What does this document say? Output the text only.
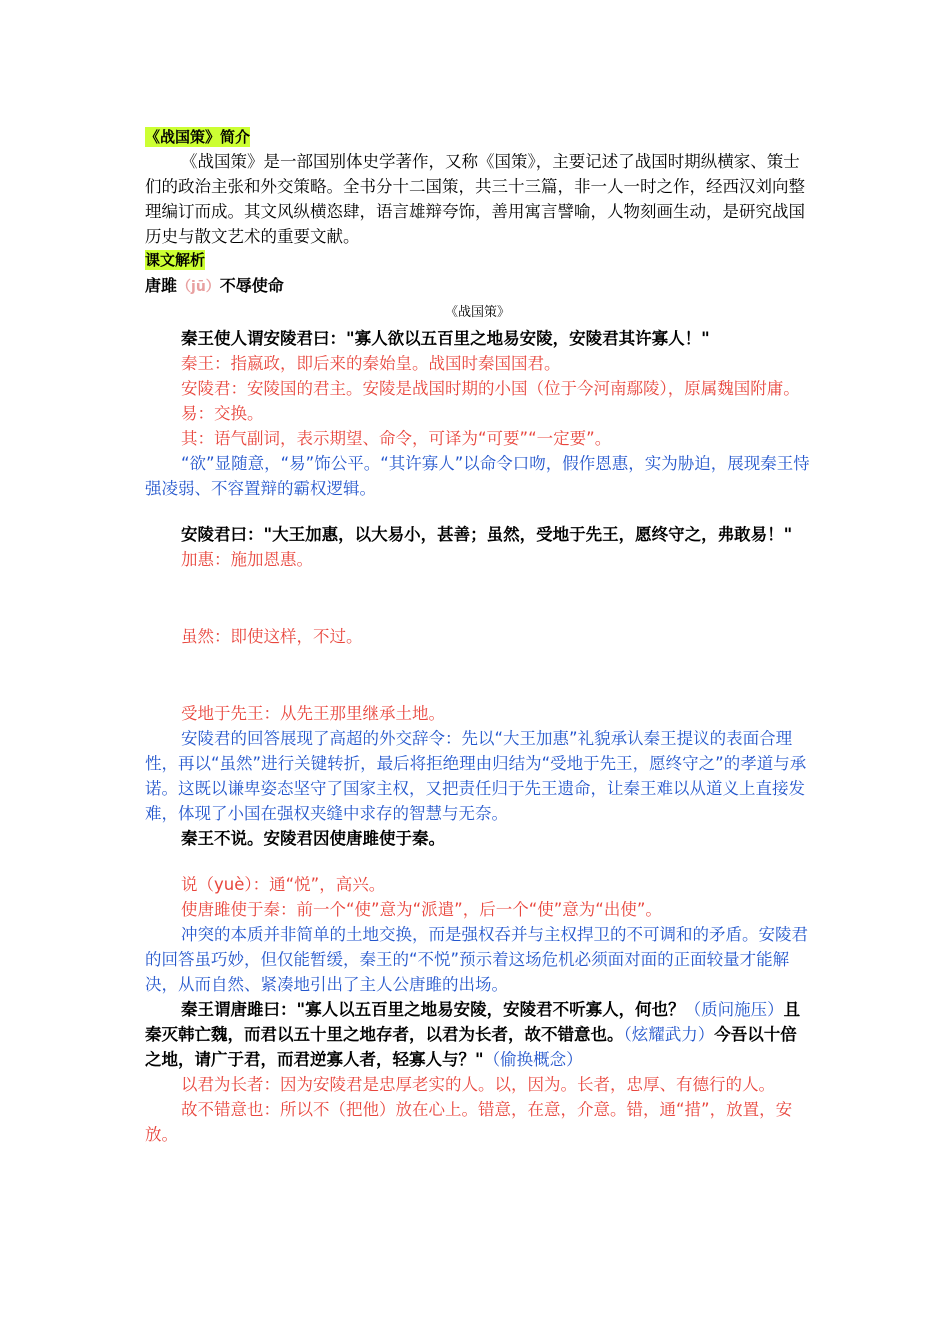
《战国策》简介

《战国策》是一部国别体史学著作，又称《国策》，主要记述了战国时期纵横家、策士们的政治主张和外交策略。全书分十二国策，共三十三篇，非一人一时之作，经西汉刘向整理编订而成。其文风纵横恣肆，语言雄辩夸饰，善用寓言譬喻，人物刻画生动，是研究战国历史与散文艺术的重要文献。

课文解析
唐雎（jū）不辱使命
《战国策》

秦王使人谓安陵君曰："寡人欲以五百里之地易安陵，安陵君其许寡人！"

秦王：指嬴政，即后来的秦始皇。战国时秦国国君。

安陵君：安陵国的君主。安陵是战国时期的小国（位于今河南鄢陵），原属魏国附庸。

易：交换。

其：语气副词，表示期望、命令，可译为“可要”“一定要”。

“欲”显随意，“易”饰公平。“其许寡人”以命令口吻，假作恩惠，实为胁迫，展现秦王恃强凌弱、不容置辩的霸权逻辑。

安陵君曰："大王加惠，以大易小，甚善；虽然，受地于先王，愿终守之，弗敢易！"

加惠：施加恩惠。

虽然：即使这样，不过。

受地于先王：从先王那里继承土地。

安陵君的回答展现了高超的外交辞令：先以“大王加惠”礼貌承认秦王提议的表面合理性，再以“虽然”进行关键转折，最后将拒绝理由归结为“受地于先王，愿终守之”的孝道与承诺。这既以谦卑姿态坚守了国家主权，又把责任归于先王遗命，让秦王难以从道义上直接发难，体现了小国在强权夹缝中求存的智慧与无奈。

秦王不说。安陵君因使唐雎使于秦。

说（yuè）：通“悦”，高兴。

使唐雎使于秦：前一个“使”意为“派遣”，后一个“使”意为“出使”。

冲突的本质并非简单的土地交换，而是强权吞并与主权捍卫的不可调和的矛盾。安陵君的回答虽巧妙，但仅能暂缓，秦王的“不悦”预示着这场危机必须面对面的正面较量才能解决，从而自然、紧凑地引出了主人公唐雎的出场。

秦王谓唐雎曰："寡人以五百里之地易安陵，安陵君不听寡人，何也？（质问施压）且秦灭韩亡魏，而君以五十里之地存者，以君为长者，故不错意也。（炫耀武力）今吾以十倍之地，请广于君，而君逆寡人者，轻寡人与？"（偷换概念）

以君为长者：因为安陵君是忠厚老实的人。以，因为。长者，忠厚、有德行的人。

故不错意也：所以不（把他）放在心上。错意，在意，介意。错，通“措”，放置，安放。
